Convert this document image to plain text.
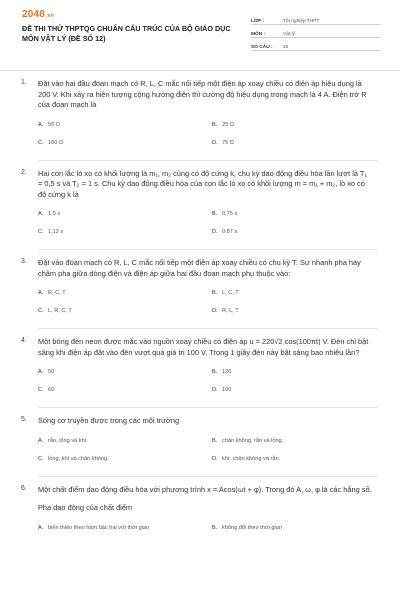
2048.vn
ĐỀ THI THỬ THPTQG CHUẨN CẤU TRÚC CỦA BỘ GIÁO DỤC MÔN VẬT LÝ (ĐỀ SỐ 12)
LỚP :	Tốt nghiệp THPT
MÔN :	Vật lý
SỐ CÂU :	40
1. Đặt vào hai đầu đoạn mạch có R, L, C mắc nối tiếp một điện áp xoay chiều có điện áp hiệu dụng là 200 V. Khi xảy ra hiện tượng cộng hưởng điện thì cường độ hiệu dụng trong mạch là 4 A. Điện trở R của đoạn mạch là
A. 50 Ω	B. 25 Ω
C. 100 Ω	D. 75 Ω
2. Hai con lắc lò xo có khối lượng là m₁, m₂ cùng có độ cứng k, chu kỳ dao động điều hòa lần lượt là T₁ = 0,5 s và T₂ = 1 s. Chu kỳ dao động điều hòa của con lắc lò xo có khối lượng m = m₁ + m₂, lò xo có độ cứng k là
A. 1,5 s	B. 0,75 s
C. 1,12 s	D. 0,87 s
3. Đặt vào đoạn mạch có R, L, C mắc nối tiếp một điện áp xoay chiều có chu kỳ T. Sự nhanh pha hay chậm pha giữa dòng điện và điện áp giữa hai đầu đoạn mạch phụ thuộc vào:
A. R, C, T	B. L, C, T
C. L, R, C, T	D. R, L, T
4. Một bóng đèn neon được mắc vào nguồn xoay chiều có điện áp u = 220√2 cos(100πt) V. Đèn chỉ bật sáng khi điện áp đặt vào đèn vượt quá giá trị 100 V. Trong 1 giây đèn này bật sáng bao nhiêu lần?
A. 50	B. 120
C. 60	D. 100
5. Sóng cơ truyền được trong các môi trường
A. rắn, lỏng và khí.	B. chân không, rắn và lỏng.
C. lỏng, khí và chân không.	D. khí, chân không và rắn.
6. Một chất điểm dao động điều hòa với phương trình x = Acos(ωt + φ). Trong đó A, ω, φ là các hằng số.
Pha dao động của chất điểm
A. biến thiên theo hàm bậc hai với thời gian	B. không đổi theo thời gian
